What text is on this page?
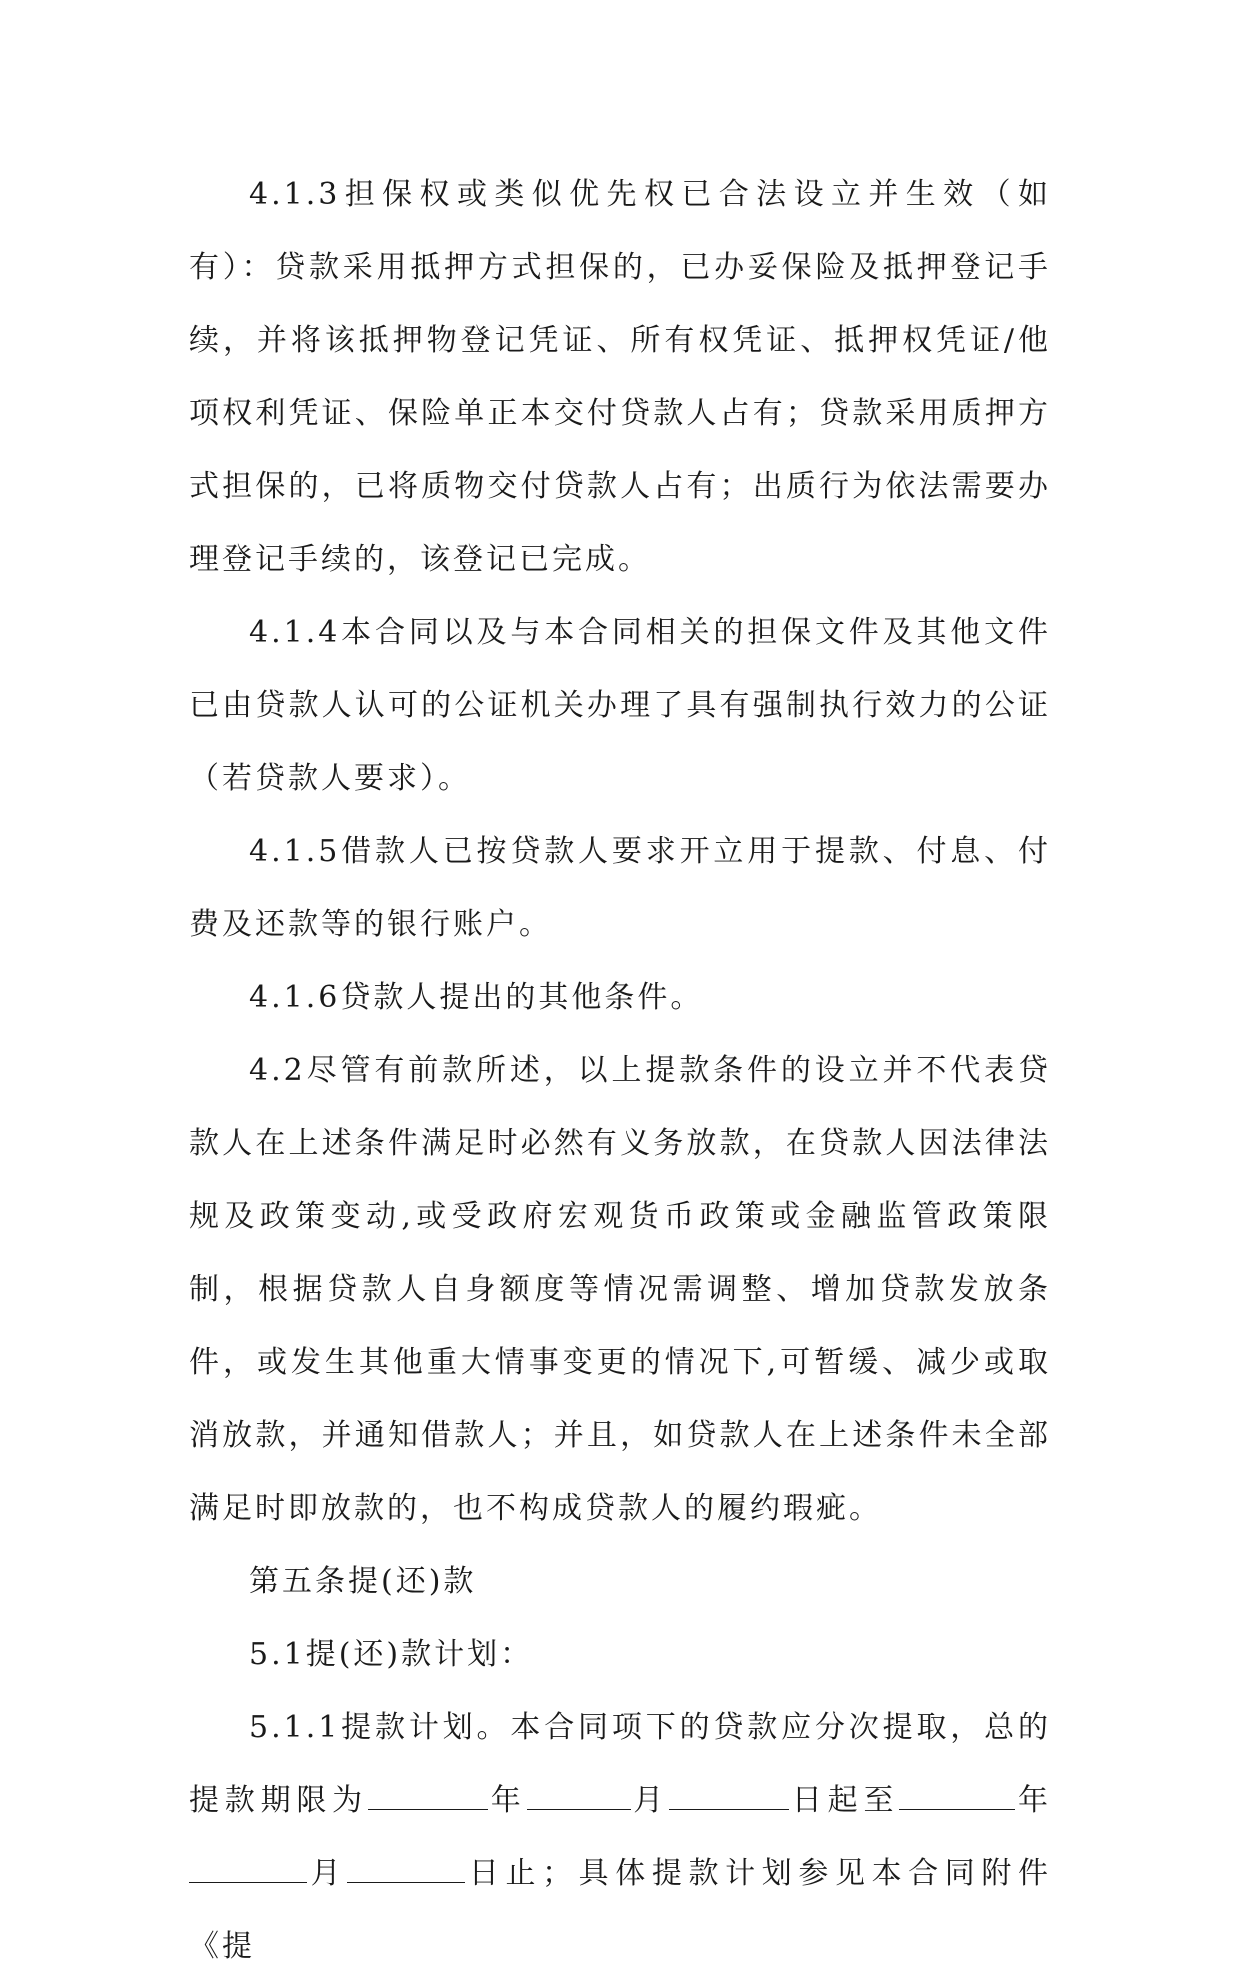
4.1.3担保权或类似优先权已合法设立并生效（如有）：贷款采用抵押方式担保的，已办妥保险及抵押登记手续，并将该抵押物登记凭证、所有权凭证、抵押权凭证/他项权利凭证、保险单正本交付贷款人占有；贷款采用质押方式担保的，已将质物交付贷款人占有；出质行为依法需要办理登记手续的，该登记已完成。

4.1.4本合同以及与本合同相关的担保文件及其他文件已由贷款人认可的公证机关办理了具有强制执行效力的公证（若贷款人要求）。

4.1.5借款人已按贷款人要求开立用于提款、付息、付费及还款等的银行账户。

4.1.6贷款人提出的其他条件。

4.2尽管有前款所述，以上提款条件的设立并不代表贷款人在上述条件满足时必然有义务放款，在贷款人因法律法规及政策变动,或受政府宏观货币政策或金融监管政策限制，根据贷款人自身额度等情况需调整、增加贷款发放条件，或发生其他重大情事变更的情况下,可暂缓、减少或取消放款，并通知借款人；并且，如贷款人在上述条件未全部满足时即放款的，也不构成贷款人的履约瑕疵。

第五条提(还)款

5.1提(还)款计划：

5.1.1提款计划。本合同项下的贷款应分次提取，总的提款期限为	年	月	日起至	年月	日止；具体提款计划参见本合同附件《提
